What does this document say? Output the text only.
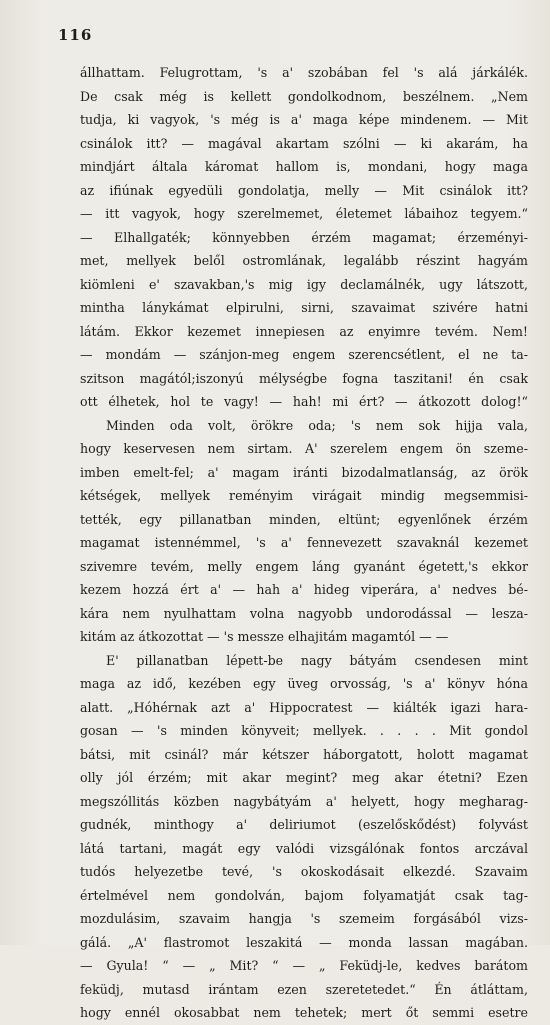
116
állhattam. Felugrottam, 's a' szobában fel 's alá járkálék.
De csak még is kellett gondolkodnom, beszélnem. „Nem
tudja, ki vagyok, 's még is a' maga képe mindenem. — Mit
csinálok itt? — magával akartam szólni — ki akarám, ha
mindjárt általa káromat hallom is, mondani, hogy maga
az ifiúnak egyedüli gondolatja, melly — Mit csinálok itt?
— itt vagyok, hogy szerelmemet, életemet lábaihoz tegyem.“
— Elhallgaték; könnyebben érzém magamat; érzeményi-
met, mellyek belől ostromlának, legalább részint hagyám
kiömleni e' szavakban,'s mig igy declamálnék, ugy látszott,
mintha lánykámat elpirulni, sirni, szavaimat szivére hatni
látám. Ekkor kezemet innepiesen az enyimre tevém. Nem!
— mondám — szánjon-meg engem szerencsétlent, el ne ta-
szitson magától;iszonyú mélységbe fogna taszitani! én csak
ott élhetek, hol te vagy! — hah! mi ért? — átkozott dolog!“
Minden oda volt, örökre oda; 's nem sok hijja vala,
hogy keservesen nem sirtam. A' szerelem engem ön szeme-
imben emelt-fel; a' magam iránti bizodalmatlanság, az örök
kétségek, mellyek reményim virágait mindig megsemmisi-
tették, egy pillanatban minden, eltünt; egyenlőnek érzém
magamat istennémmel, 's a' fennevezett szavaknál kezemet
szivemre tevém, melly engem láng gyanánt égetett,'s ekkor
kezem hozzá ért a' — hah a' hideg viperára, a' nedves bé-
kára nem nyulhattam volna nagyobb undorodással — lesza-
kitám az átkozottat — 's messze elhajitám magamtól — —
E' pillanatban lépett-be nagy bátyám csendesen mint
maga az idő, kezében egy üveg orvosság, 's a' könyv hóna
alatt. „Hóhérnak azt a' Hippocratest — kiálték igazi hara-
gosan — 's minden könyveit; mellyek. . . . . Mit gondol
bátsi, mit csinál? már kétszer háborgatott, holott magamat
olly jól érzém; mit akar megint? meg akar étetni? Ezen
megszóllitás közben nagybátyám a' helyett, hogy megharag-
gudnék, minthogy a' deliriumot (eszelőskődést) folyvást
látá tartani, magát egy valódi vizsgálónak fontos arczával
tudós helyezetbe tevé, 's okoskodásait elkezdé. Szavaim
értelmével nem gondolván, bajom folyamatját csak tag-
mozdulásim, szavaim hangja 's szemeim forgásából vizs-
gálá. „A' flastromot leszakitá — monda lassan magában.
— Gyula! “ — „ Mit? “ — „ Feküdj-le, kedves barátom
feküdj, mutasd irántam ezen szeretetedet.“ Én átláttam,
hogy ennél okosabbat nem tehetek; mert őt semmi esetre
